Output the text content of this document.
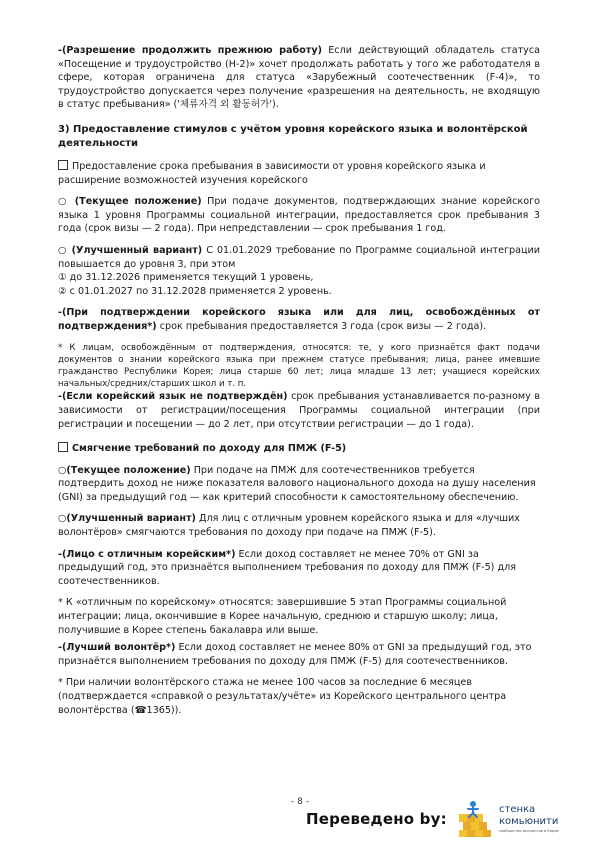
-(Разрешение продолжить прежнюю работу) Если действующий обладатель статуса «Посещение и трудоустройство (H-2)» хочет продолжать работать у того же работодателя в сфере, которая ограничена для статуса «Зарубежный соотечественник (F-4)», то трудоустройство допускается через получение «разрешения на деятельность, не входящую в статус пребывания» ('체류자격 외 활동허가').

3) Предоставление стимулов с учётом уровня корейского языка и волонтёрской деятельности

Предоставление срока пребывания в зависимости от уровня корейского языка и расширение возможностей изучения корейского

○ (Текущее положение) При подаче документов, подтверждающих знание корейского языка 1 уровня Программы социальной интеграции, предоставляется срок пребывания 3 года (срок визы — 2 года). При непредставлении — срок пребывания 1 год.

○ (Улучшенный вариант) С 01.01.2029 требование по Программе социальной интеграции повышается до уровня 3, при этом

① до 31.12.2026 применяется текущий 1 уровень,

② с 01.01.2027 по 31.12.2028 применяется 2 уровень.

-(При подтверждении корейского языка или для лиц, освобождённых от подтверждения*) срок пребывания предоставляется 3 года (срок визы — 2 года).

* К лицам, освобождённым от подтверждения, относятся: те, у кого признаётся факт подачи документов о знании корейского языка при прежнем статусе пребывания; лица, ранее имевшие гражданство Республики Корея; лица старше 60 лет; лица младше 13 лет; учащиеся корейских начальных/средних/старших школ и т. п.

-(Если корейский язык не подтверждён) срок пребывания устанавливается по-разному в зависимости от регистрации/посещения Программы социальной интеграции (при регистрации и посещении — до 2 лет, при отсутствии регистрации — до 1 года).

Смягчение требований по доходу для ПМЖ (F-5)

○(Текущее положение) При подаче на ПМЖ для соотечественников требуется подтвердить доход не ниже показателя валового национального дохода на душу населения (GNI) за предыдущий год — как критерий способности к самостоятельному обеспечению.

○(Улучшенный вариант) Для лиц с отличным уровнем корейского языка и для «лучших волонтёров» смягчаются требования по доходу при подаче на ПМЖ (F-5).

-(Лицо с отличным корейским*) Если доход составляет не менее 70% от GNI за предыдущий год, это признаётся выполнением требования по доходу для ПМЖ (F-5) для соотечественников.

* К «отличным по корейскому» относятся: завершившие 5 этап Программы социальной интеграции; лица, окончившие в Корее начальную, среднюю и старшую школу; лица, получившие в Корее степень бакалавра или выше.

-(Лучший волонтёр*) Если доход составляет не менее 80% от GNI за предыдущий год, это признаётся выполнением требования по доходу для ПМЖ (F-5) для соотечественников.

* При наличии волонтёрского стажа не менее 100 часов за последние 6 месяцев (подтверждается «справкой о результатах/учёте» из Корейского центрального центра волонтёрства (☎1365)).

- 8 -
Переведено by:
стенка
комьюнити
сообщество мигрантов в Корее
